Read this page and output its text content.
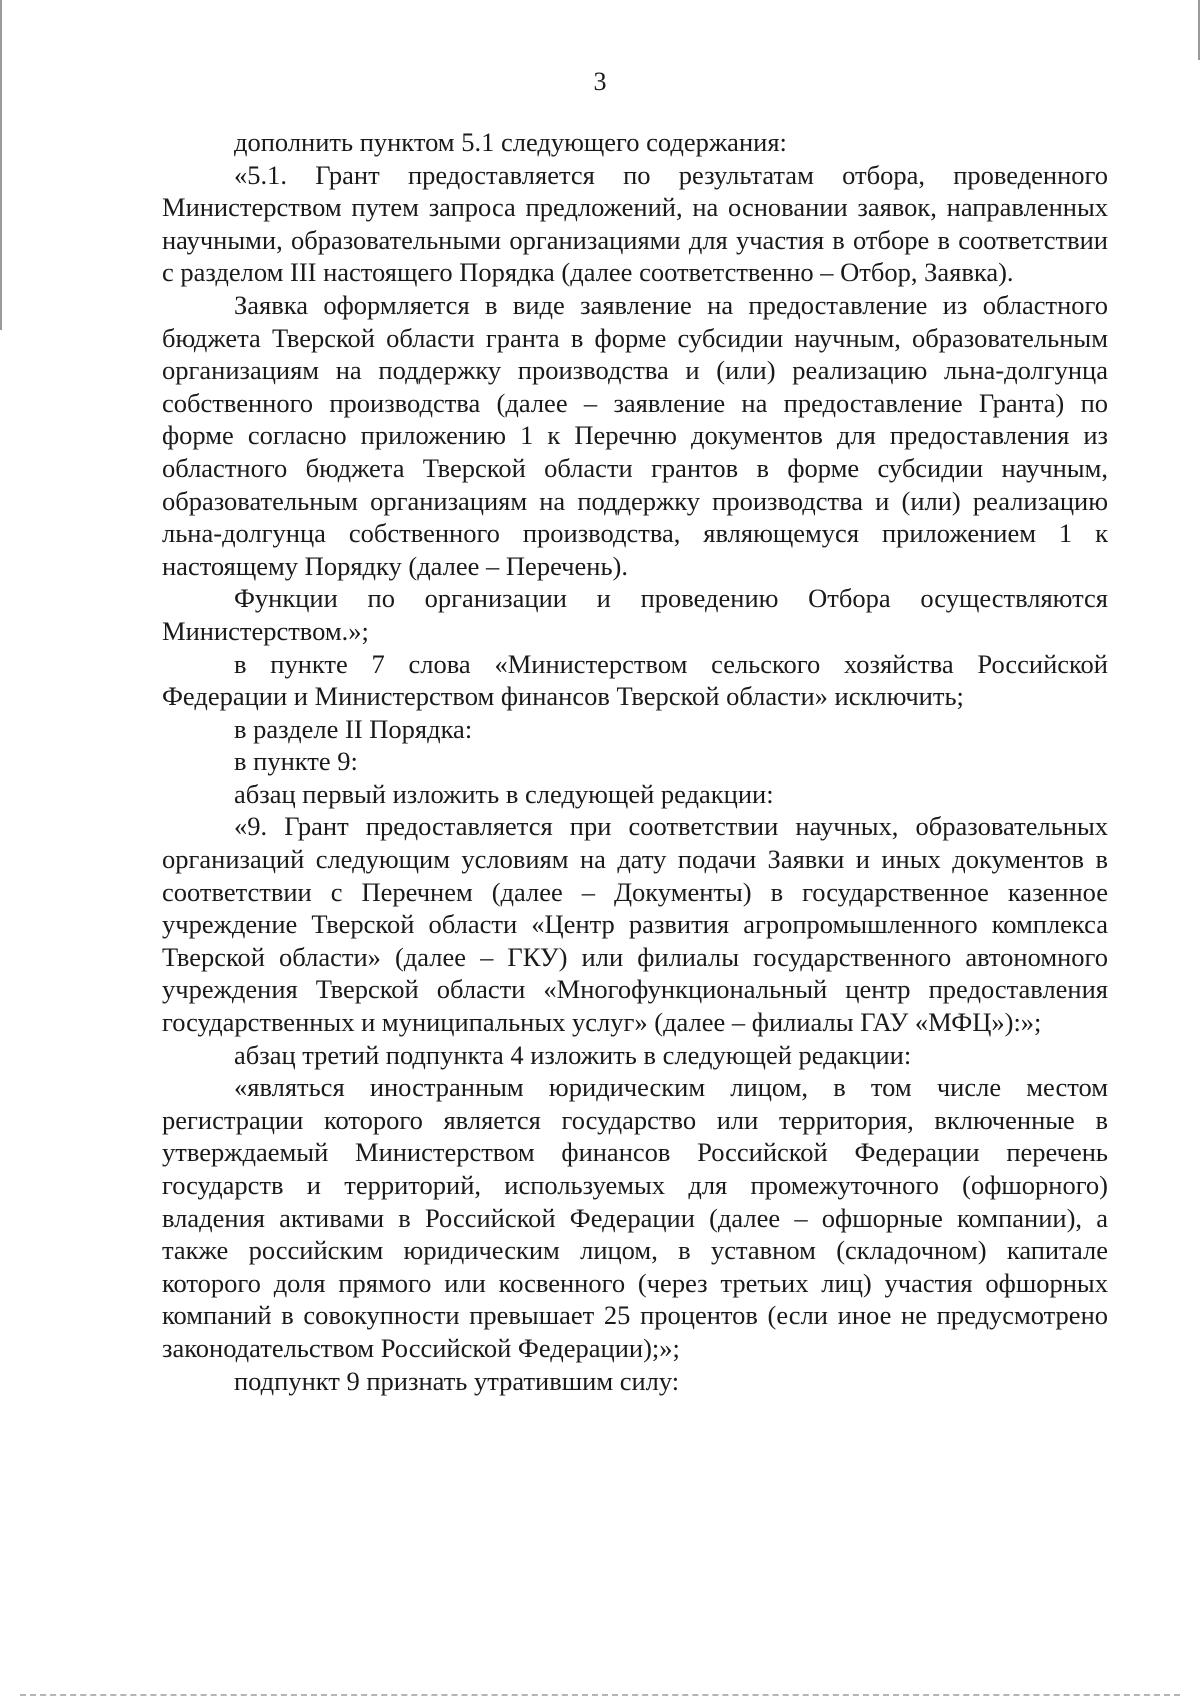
3

дополнить пунктом 5.1 следующего содержания:

«5.1. Грант предоставляется по результатам отбора, проведенного Министерством путем запроса предложений, на основании заявок, направленных научными, образовательными организациями для участия в отборе в соответствии с разделом III настоящего Порядка (далее соответственно – Отбор, Заявка).

Заявка оформляется в виде заявление на предоставление из областного бюджета Тверской области гранта в форме субсидии научным, образовательным организациям на поддержку производства и (или) реализацию льна-долгунца собственного производства (далее – заявление на предоставление Гранта) по форме согласно приложению 1 к Перечню документов для предоставления из областного бюджета Тверской области грантов в форме субсидии научным, образовательным организациям на поддержку производства и (или) реализацию льна-долгунца собственного производства, являющемуся приложением 1 к настоящему Порядку (далее – Перечень).

Функции по организации и проведению Отбора осуществляются Министерством.»;

в пункте 7 слова «Министерством сельского хозяйства Российской Федерации и Министерством финансов Тверской области» исключить;

в разделе II Порядка:

в пункте 9:

абзац первый изложить в следующей редакции:

«9. Грант предоставляется при соответствии научных, образовательных организаций следующим условиям на дату подачи Заявки и иных документов в соответствии с Перечнем (далее – Документы) в государственное казенное учреждение Тверской области «Центр развития агропромышленного комплекса Тверской области» (далее – ГКУ) или филиалы государственного автономного учреждения Тверской области «Многофункциональный центр предоставления государственных и муниципальных услуг» (далее – филиалы ГАУ «МФЦ»):»;

абзац третий подпункта 4 изложить в следующей редакции:

«являться иностранным юридическим лицом, в том числе местом регистрации которого является государство или территория, включенные в утверждаемый Министерством финансов Российской Федерации перечень государств и территорий, используемых для промежуточного (офшорного) владения активами в Российской Федерации (далее – офшорные компании), а также российским юридическим лицом, в уставном (складочном) капитале которого доля прямого или косвенного (через третьих лиц) участия офшорных компаний в совокупности превышает 25 процентов (если иное не предусмотрено законодательством Российской Федерации);»;

подпункт 9 признать утратившим силу:
